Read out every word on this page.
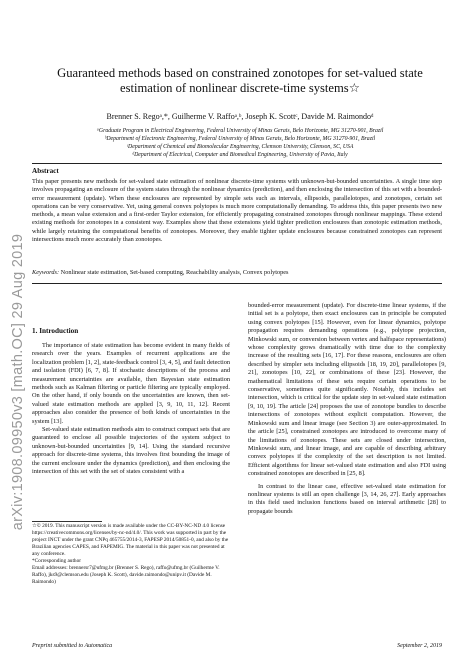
arXiv:1908.09950v3 [math.OC] 29 Aug 2019
Guaranteed methods based on constrained zonotopes for set-valued state estimation of nonlinear discrete-time systems☆
Brenner S. Regoᵃ,*, Guilherme V. Raffoᵃ,ᵇ, Joseph K. Scottᶜ, Davide M. Raimondoᵈ
ᵃGraduate Program in Electrical Engineering, Federal University of Minas Gerais, Belo Horizonte, MG 31270-901, Brazil
ᵇDepartment of Electronic Engineering, Federal University of Minas Gerais, Belo Horizonte, MG 31270-901, Brazil
ᶜDepartment of Chemical and Biomolecular Engineering, Clemson University, Clemson, SC, USA
ᵈDepartment of Electrical, Computer and Biomedical Engineering, University of Pavia, Italy
Abstract
This paper presents new methods for set-valued state estimation of nonlinear discrete-time systems with unknown-but-bounded uncertainties. A single time step involves propagating an enclosure of the system states through the nonlinear dynamics (prediction), and then enclosing the intersection of this set with a bounded-error measurement (update). When these enclosures are represented by simple sets such as intervals, ellipsoids, parallelotopes, and zonotopes, certain set operations can be very conservative. Yet, using general convex polytopes is much more computationally demanding. To address this, this paper presents two new methods, a mean value extension and a first-order Taylor extension, for efficiently propagating constrained zonotopes through nonlinear mappings. These extend existing methods for zonotopes in a consistent way. Examples show that these extensions yield tighter prediction enclosures than zonotopic estimation methods, while largely retaining the computational benefits of zonotopes. Moreover, they enable tighter update enclosures because constrained zonotopes can represent intersections much more accurately than zonotopes.
Keywords: Nonlinear state estimation, Set-based computing, Reachability analysis, Convex polytopes
1. Introduction

The importance of state estimation has become evident in many fields of research over the years. Examples of recurrent applications are the localization problem [1, 2], state-feedback control [3, 4, 5], and fault detection and isolation (FDI) [6, 7, 8]. If stochastic descriptions of the process and measurement uncertainties are available, then Bayesian state estimation methods such as Kalman filtering or particle filtering are typically employed. On the other hand, if only bounds on the uncertainties are known, then set-valued state estimation methods are applied [3, 9, 10, 11, 12]. Recent approaches also consider the presence of both kinds of uncertainties in the system [13].

Set-valued state estimation methods aim to construct compact sets that are guaranteed to enclose all possible trajectories of the system subject to unknown-but-bounded uncertainties [9, 14]. Using the standard recursive approach for discrete-time systems, this involves first bounding the image of the current enclosure under the dynamics (prediction), and then enclosing the intersection of this set with the set of states consistent with a

bounded-error measurement (update). For discrete-time linear systems, if the initial set is a polytope, then exact enclosures can in principle be computed using convex polytopes [15]. However, even for linear dynamics, polytope propagation requires demanding operations (e.g., polytope projection, Minkowski sum, or conversion between vertex and halfspace representations) whose complexity grows dramatically with time due to the complexity increase of the resulting sets [16, 17]. For these reasons, enclosures are often described by simpler sets including ellipsoids [18, 19, 20], parallelotopes [9, 21], zonotopes [10, 22], or combinations of these [23]. However, the mathematical limitations of these sets require certain operations to be conservative, sometimes quite significantly. Notably, this includes set intersection, which is critical for the update step in set-valued state estimation [9, 10, 19]. The article [24] proposes the use of zonotope bundles to describe intersections of zonotopes without explicit computation. However, the Minkowski sum and linear image (see Section 3) are outer-approximated. In the article [25], constrained zonotopes are introduced to overcome many of the limitations of zonotopes. These sets are closed under intersection, Minkowski sum, and linear image, and are capable of describing arbitrary convex polytopes if the complexity of the set description is not limited. Efficient algorithms for linear set-valued state estimation and also FDI using constrained zonotopes are described in [25, 8].

In contrast to the linear case, effective set-valued state estimation for nonlinear systems is still an open challenge [3, 14, 26, 27]. Early approaches in this field used inclusion functions based on interval arithmetic [28] to propagate bounds

☆© 2019. This manuscript version is made available under the CC-BY-NC-ND 4.0 license https://creativecommons.org/licenses/by-nc-nd/4.0/. This work was supported in part by the project INCT under the grant CNPq 465755/2014-3, FAPESP 2014/50851-0, and also by the Brazilian agencies CAPES, and FAPEMIG. The material in this paper was not presented at any conference.
*Corresponding author
Email addresses: brennersr7@ufmg.br (Brenner S. Rego), raffo@ufmg.br (Guilherme V. Raffo), jks9@clemson.edu (Joseph K. Scott), davide.raimondo@unipv.it (Davide M. Raimondo)
Preprint submitted to Automatica	September 2, 2019
